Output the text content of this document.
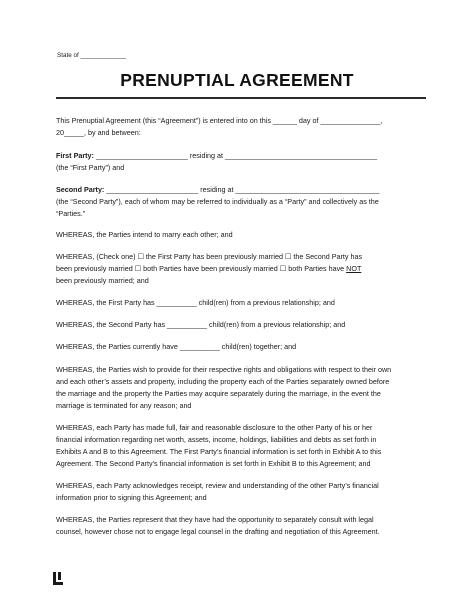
State of _____________
PRENUPTIAL AGREEMENT
This Prenuptial Agreement (this “Agreement”) is entered into on this ______ day of _______________,
20_____, by and between:
First Party: _______________________ residing at ______________________________________
(the “First Party”) and
Second Party: _______________________ residing at ____________________________________
(the “Second Party”), each of whom may be referred to individually as a “Party” and collectively as the
“Parties.”
WHEREAS, the Parties intend to marry each other; and
WHEREAS, (Check one) ☐ the First Party has been previously married ☐ the Second Party has
been previously married ☐ both Parties have been previously married ☐ both Parties have NOT
been previously married; and
WHEREAS, the First Party has __________ child(ren) from a previous relationship; and
WHEREAS, the Second Party has __________ child(ren) from a previous relationship; and
WHEREAS, the Parties currently have __________ child(ren) together; and
WHEREAS, the Parties wish to provide for their respective rights and obligations with respect to their own
and each other’s assets and property, including the property each of the Parties separately owned before
the marriage and the property the Parties may acquire separately during the marriage, in the event the
marriage is terminated for any reason; and
WHEREAS, each Party has made full, fair and reasonable disclosure to the other Party of his or her
financial information regarding net worth, assets, income, holdings, liabilities and debts as set forth in
Exhibits A and B to this Agreement. The First Party’s financial information is set forth in Exhibit A to this
Agreement. The Second Party’s financial information is set forth in Exhibit B to this Agreement; and
WHEREAS, each Party acknowledges receipt, review and understanding of the other Party’s financial
information prior to signing this Agreement; and
WHEREAS, the Parties represent that they have had the opportunity to separately consult with legal
counsel, however chose not to engage legal counsel in the drafting and negotiation of this Agreement.
